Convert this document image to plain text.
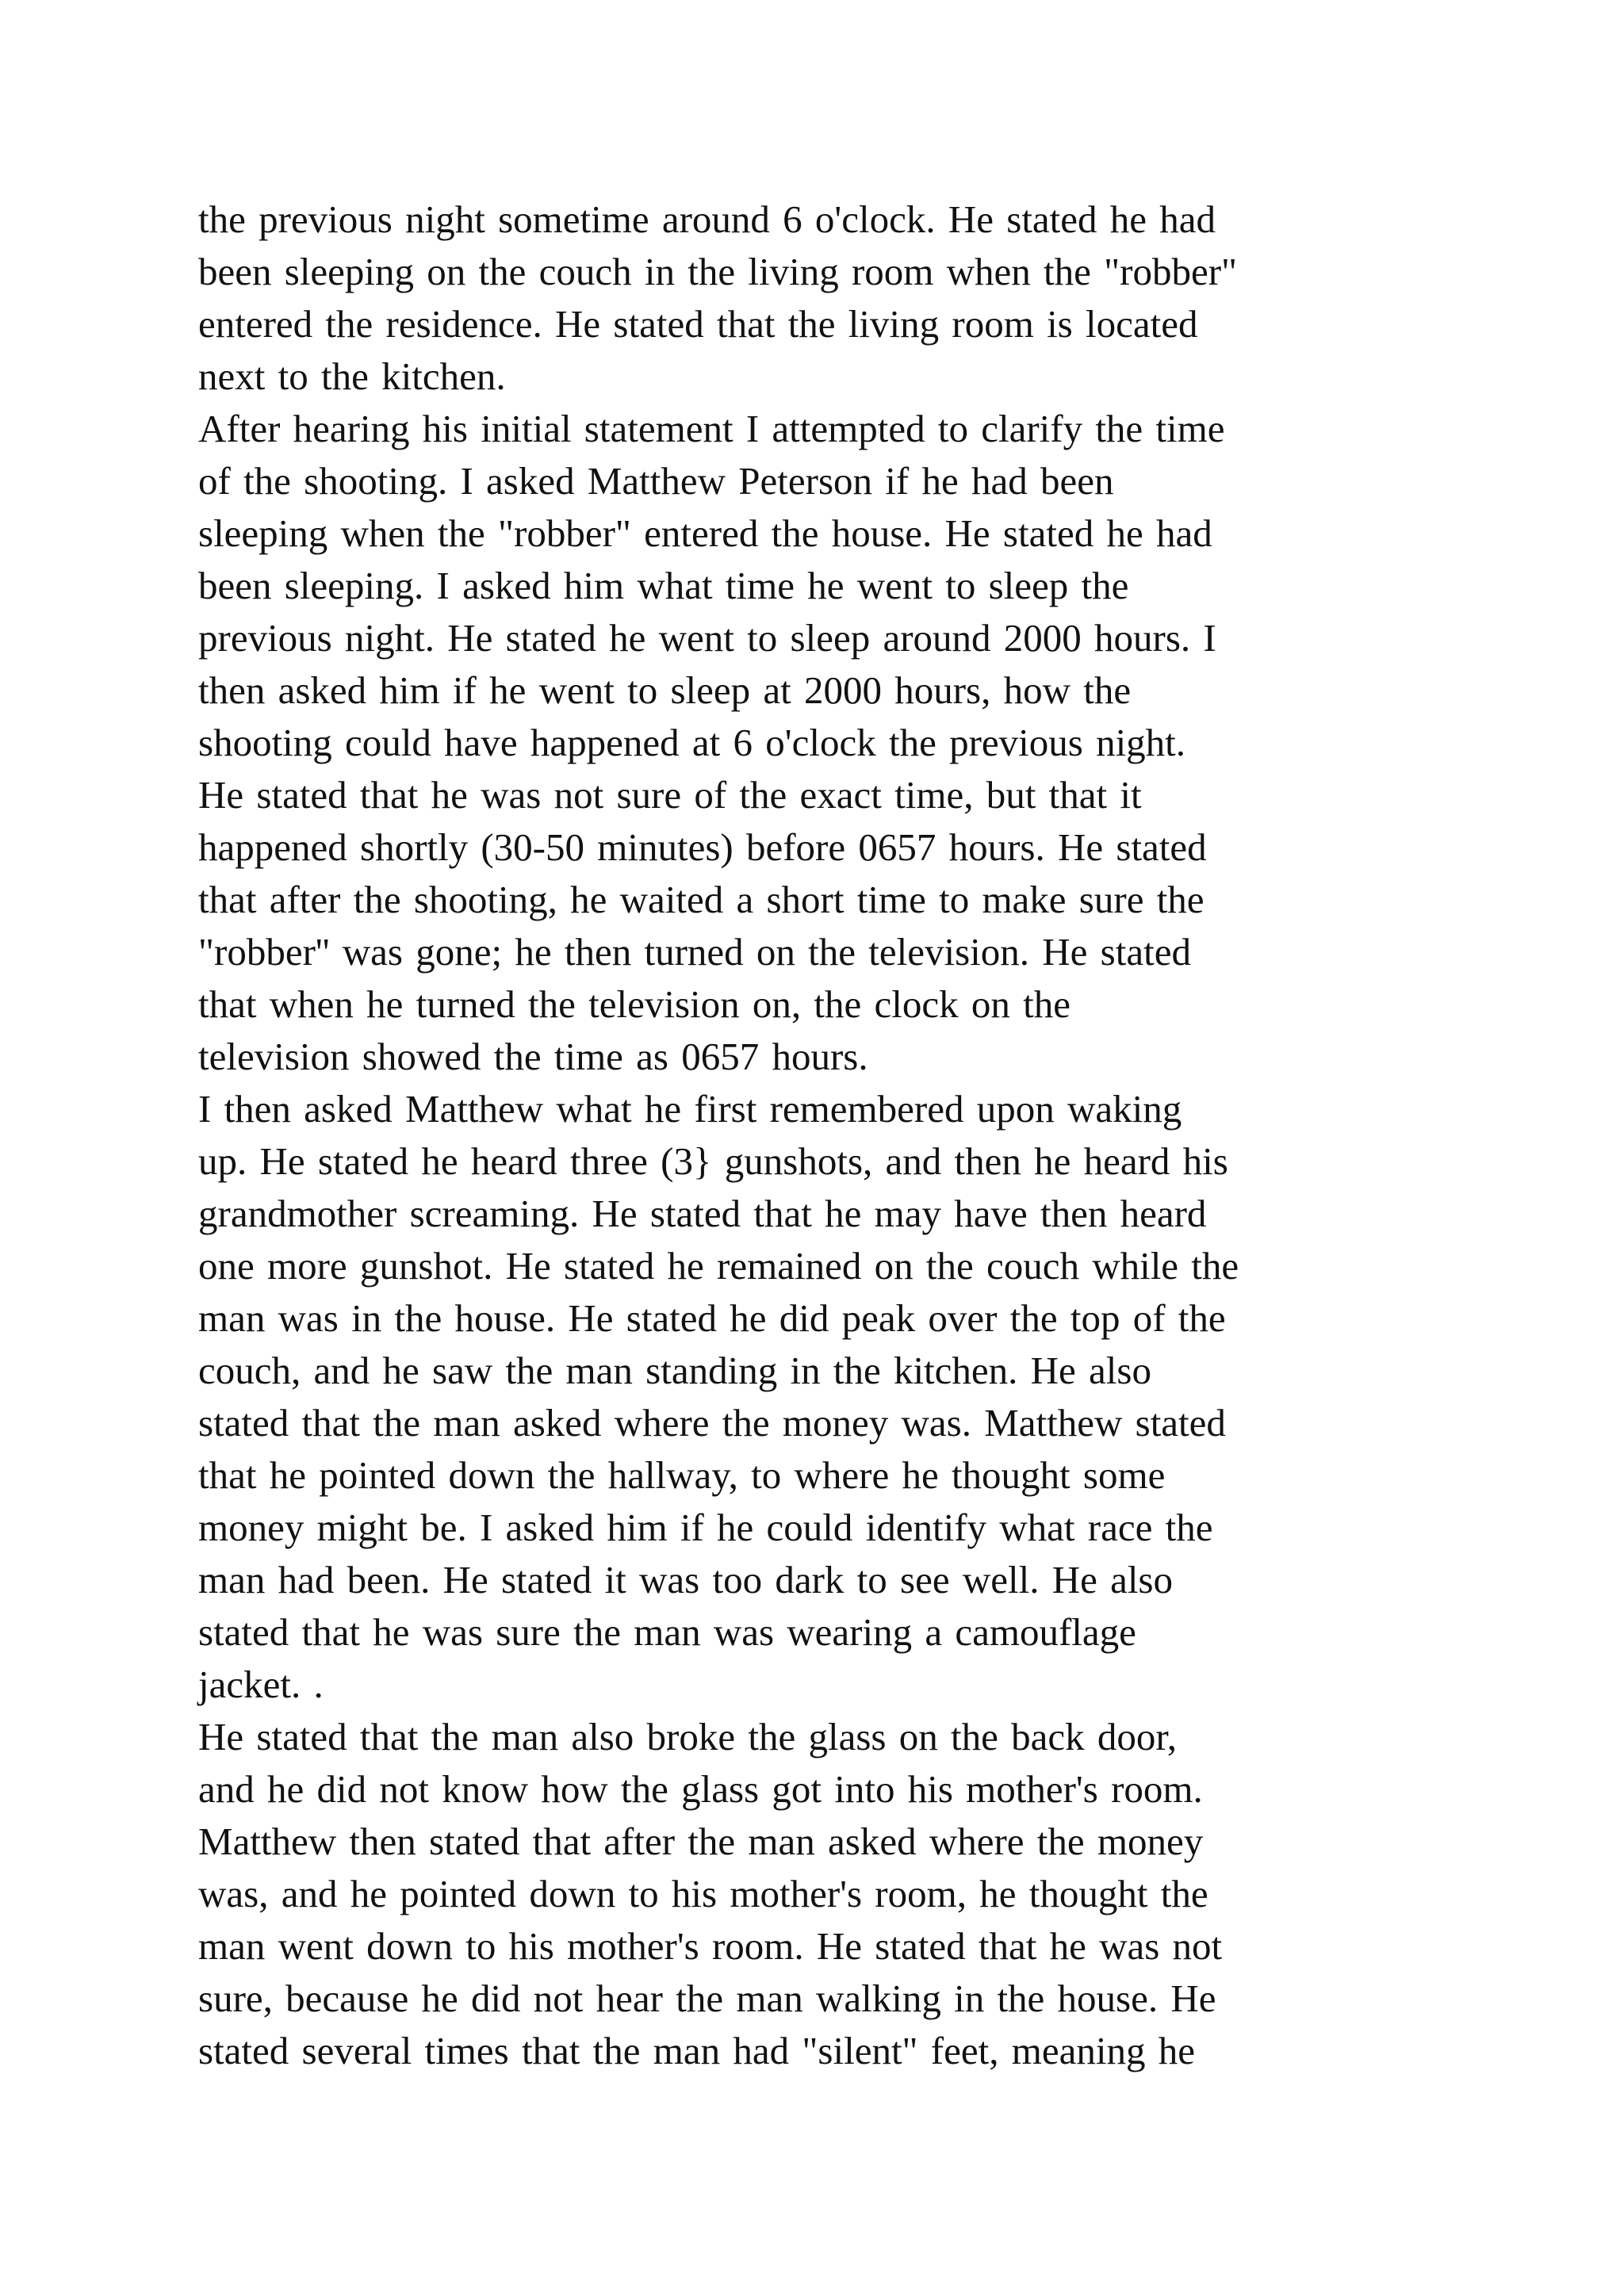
the previous night sometime around 6 o'clock. He stated he had
been sleeping on the couch in the living room when the "robber"
entered the residence. He stated that the living room is located
next to the kitchen.
After hearing his initial statement I attempted to clarify the time
of the shooting. I asked Matthew Peterson if he had been
sleeping when the "robber" entered the house. He stated he had
been sleeping. I asked him what time he went to sleep the
previous night. He stated he went to sleep around 2000 hours. I
then asked him if he went to sleep at 2000 hours, how the
shooting could have happened at 6 o'clock the previous night.
He stated that he was not sure of the exact time, but that it
happened shortly (30-50 minutes) before 0657 hours. He stated
that after the shooting, he waited a short time to make sure the
"robber'' was gone; he then turned on the television. He stated
that when he turned the television on, the clock on the
television showed the time as 0657 hours.
I then asked Matthew what he first remembered upon waking
up. He stated he heard three (3} gunshots, and then he heard his
grandmother screaming. He stated that he may have then heard
one more gunshot. He stated he remained on the couch while the
man was in the house. He stated he did peak over the top of the
couch, and he saw the man standing in the kitchen. He also
stated that the man asked where the money was. Matthew stated
that he pointed down the hallway, to where he thought some
money might be. I asked him if he could identify what race the
man had been. He stated it was too dark to see well. He also
stated that he was sure the man was wearing a camouflage
jacket. .
He stated that the man also broke the glass on the back door,
and he did not know how the glass got into his mother's room.
Matthew then stated that after the man asked where the money
was, and he pointed down to his mother's room, he thought the
man went down to his mother's room. He stated that he was not
sure, because he did not hear the man walking in the house. He
stated several times that the man had "silent" feet, meaning he
